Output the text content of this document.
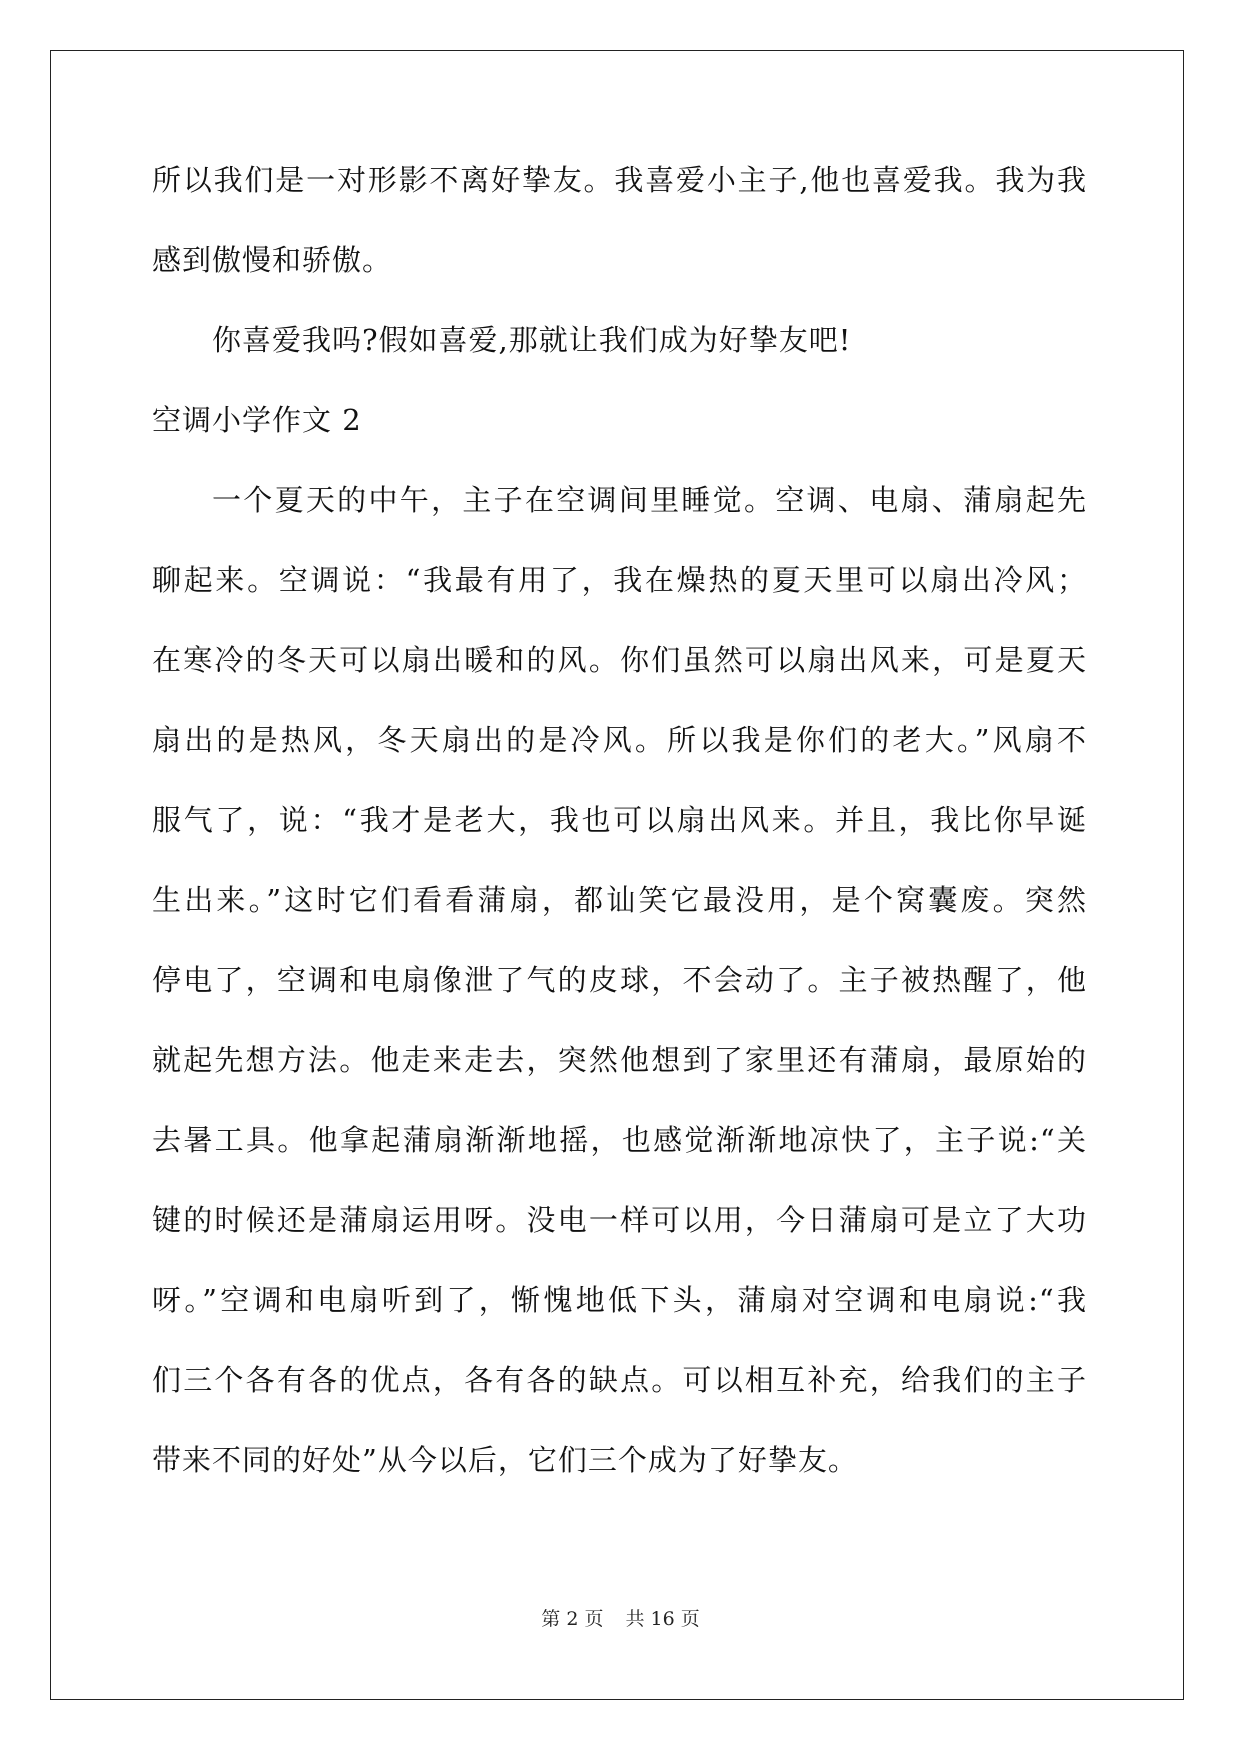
所以我们是一对形影不离好挚友。我喜爱小主子,他也喜爱我。我为我
感到傲慢和骄傲。
你喜爱我吗?假如喜爱,那就让我们成为好挚友吧!
空调小学作文 2
一个夏天的中午，主子在空调间里睡觉。空调、电扇、蒲扇起先
聊起来。空调说：“我最有用了，我在燥热的夏天里可以扇出冷风；
在寒冷的冬天可以扇出暖和的风。你们虽然可以扇出风来，可是夏天
扇出的是热风，冬天扇出的是冷风。所以我是你们的老大。”风扇不
服气了，说：“我才是老大，我也可以扇出风来。并且，我比你早诞
生出来。”这时它们看看蒲扇，都讪笑它最没用，是个窝囊废。突然
停电了，空调和电扇像泄了气的皮球，不会动了。主子被热醒了，他
就起先想方法。他走来走去，突然他想到了家里还有蒲扇，最原始的
去暑工具。他拿起蒲扇渐渐地摇，也感觉渐渐地凉快了，主子说:“关
键的时候还是蒲扇运用呀。没电一样可以用，今日蒲扇可是立了大功
呀。”空调和电扇听到了，惭愧地低下头，蒲扇对空调和电扇说:“我
们三个各有各的优点，各有各的缺点。可以相互补充，给我们的主子
带来不同的好处”从今以后，它们三个成为了好挚友。
第 2 页 共 16 页
